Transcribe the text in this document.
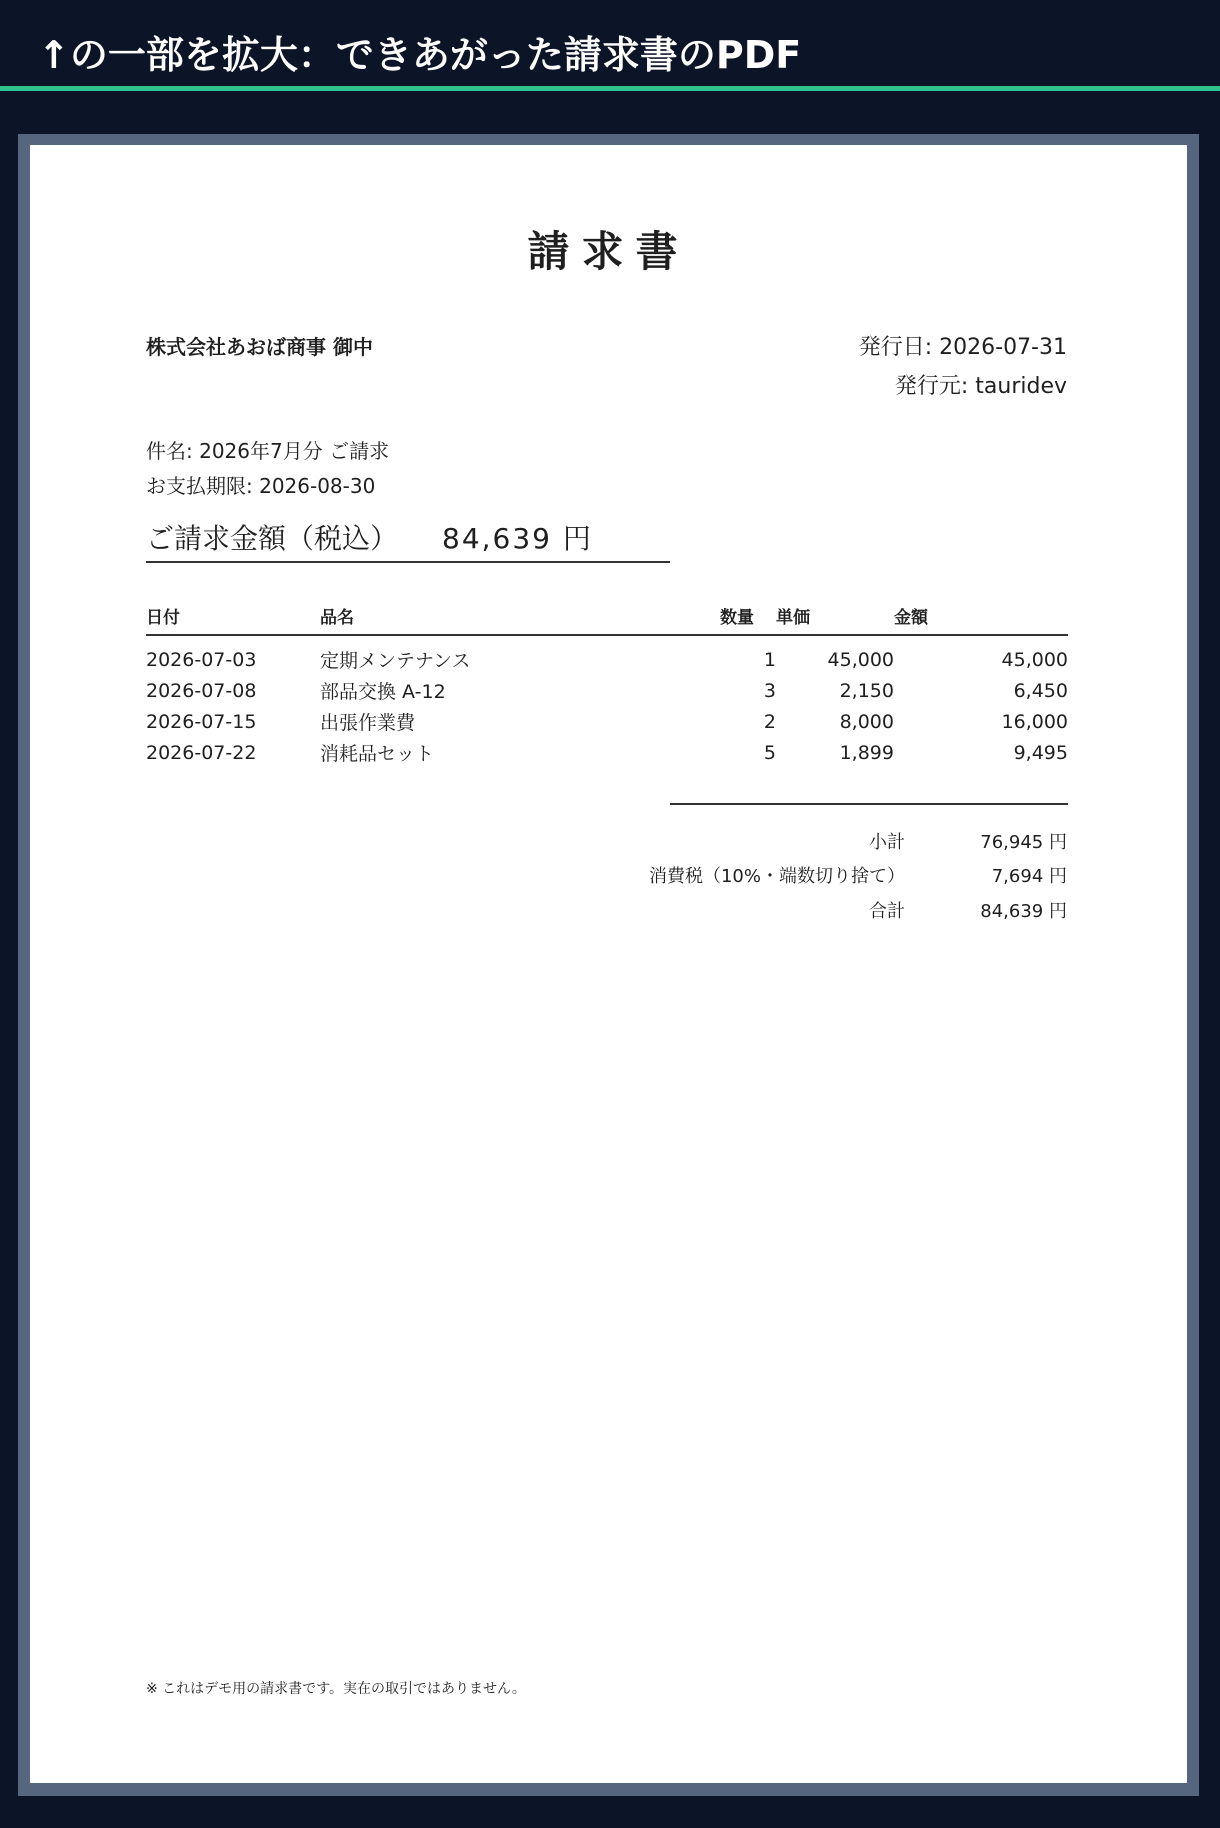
↑の一部を拡大：できあがった請求書のPDF
請求書
株式会社あおば商事 御中	発行日: 2026-07-31
発行元: tauridev
件名: 2026年7月分 ご請求
お支払期限: 2026-08-30
ご請求金額（税込） 84,639 円
日付	品名	数量	単価	金額
2026-07-03	定期メンテナンス	1	45,000	45,000
2026-07-08	部品交換 A-12	3	2,150	6,450
2026-07-15	出張作業費	2	8,000	16,000
2026-07-22	消耗品セット	5	1,899	9,495
小計	76,945 円
消費税（10%・端数切り捨て）	7,694 円
合計	84,639 円
※ これはデモ用の請求書です。実在の取引ではありません。
